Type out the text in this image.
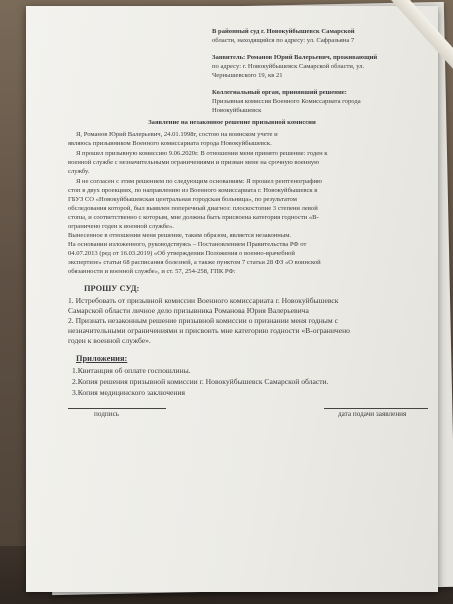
В районный суд г. Новокуйбышевск Самарской
области, находящийся по адресу: ул. Сафразьяна 7
Заявитель: Романов Юрий Валерьевич, проживающий
по адресу: г. Новокуйбышевск Самарской области, ул.
Чернышевского 19, кв 21
Коллегиальный орган, принявший решение:
Призывная комиссия Военного Комиссариата города
Новокуйбышевск
Заявление на незаконное решение призывной комиссии
Я, Романов Юрий Валерьевич, 24.01.1998г, состою на воинском учете и
являюсь призывником Военного комиссариата города Новокуйбышевск.
Я прошел призывную комиссию 9.06.2020г. В отношении меня принято решение: годен к
военной службе с незначительными ограничениями и призван мене на срочную военную
службу.
Я не согласен с этим решением по следующим основаниям: Я прошел рентгенографию
стоп в двух проекциях, по направлению из Военного комиссариата г. Новокуйбышевск в
ГБУЗ СО «Новокуйбышевская центральная городская больница», по результатом
обследования которой, был выявлен поперечный диагноз: плоскостопие 3 степени левой
стопы, и соответственно с которым, мне должны быть присвоена категория годности «В-
ограничено годен к военной службе».
Вынесенное в отношении меня решение, таким образом, является незаконным.
На основании изложенного, руководствуясь – Постановлением Правительства РФ от
04.07.2013 (ред от 16.03.2019) «Об утверждении Положения о военно-врачебной
экспертизе» статьи 68 расписания болезней, а также пунктом 7 статьи 28 ФЗ «О воинской
обязанности и военной службе», и ст. 57, 254-258, ГПК РФ:
ПРОШУ СУД:
1. Истребовать от призывной комиссии Военного комиссариата г. Новокуйбышевск
Самарской области личное дело призывника Романова Юрия Валерьевича
2. Признать незаконным решение призывной комиссии о признании меня годным с
незначительными ограничениями и присвоить мне категорию годности «В-ограничено
годен к военной службе».
Приложения:
1.Квитанция об оплате госпошлины.
2.Копия решения призывной комиссии г. Новокуйбышевск Самарской области.
3.Копия медицинского заключения
подпись	дата подачи заявления
